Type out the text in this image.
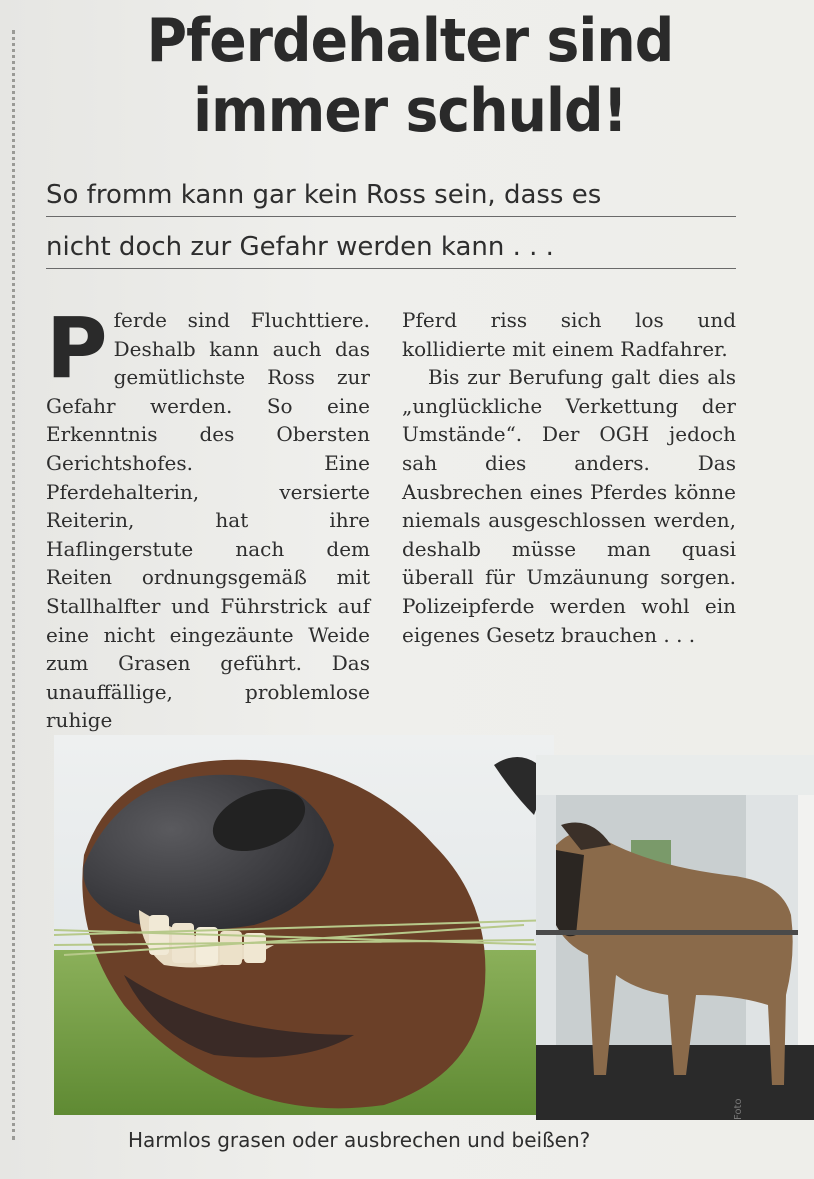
Pferdehalter sind
immer schuld!
So fromm kann gar kein Ross sein, dass es
nicht doch zur Gefahr werden kann . . .
Pferde sind Fluchttiere. Deshalb kann auch das gemütlichste Ross zur Gefahr werden. So eine Erkenntnis des Obersten Gerichtshofes. Eine Pferdehalterin, versierte Reiterin, hat ihre Haflingerstute nach dem Reiten ordnungsgemäß mit Stallhalfter und Führstrick auf eine nicht eingezäunte Weide zum Grasen geführt. Das unauffällige, problemlose ruhige
Pferd riss sich los und kollidierte mit einem Radfahrer.
Bis zur Berufung galt dies als „unglückliche Verkettung der Umstände“. Der OGH jedoch sah dies anders. Das Ausbrechen eines Pferdes könne niemals ausgeschlossen werden, deshalb müsse man quasi überall für Umzäunung sorgen. Polizeipferde werden wohl ein eigenes Gesetz brauchen . . .
Harmlos grasen oder ausbrechen und beißen?
Foto
